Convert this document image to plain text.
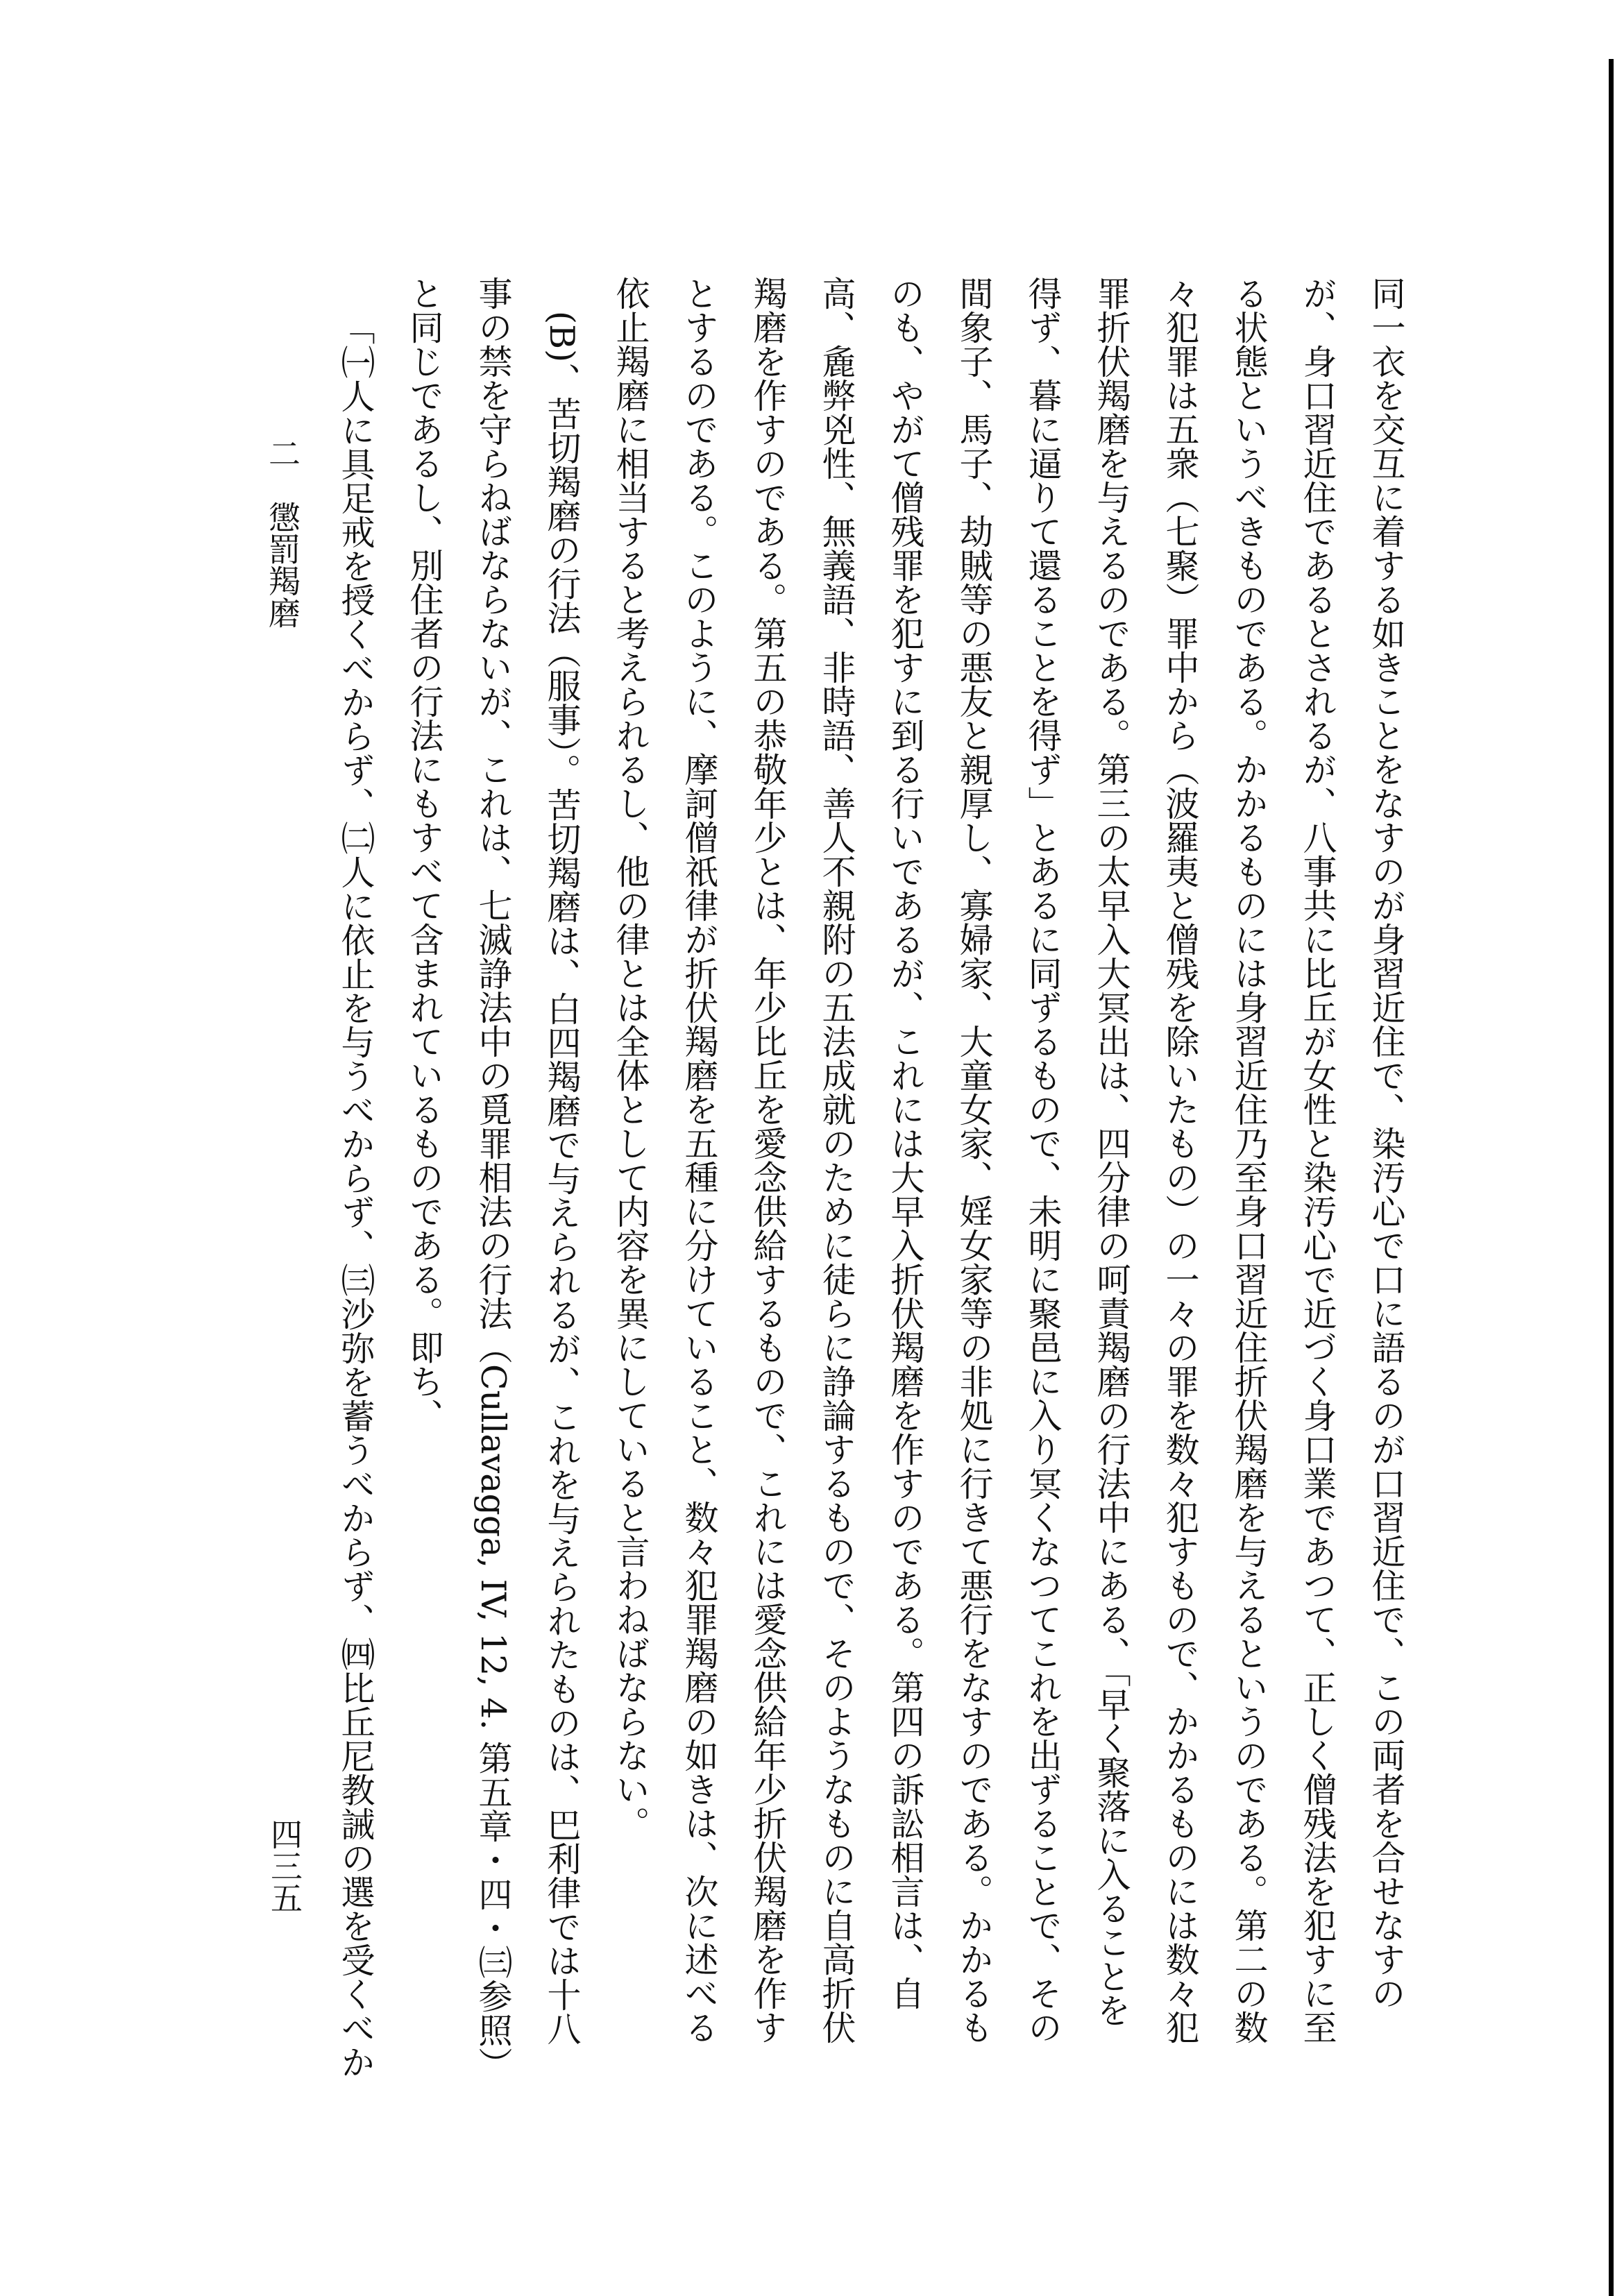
同一衣を交互に着する如きことをなすのが身習近住で、染汚心で口に語るのが口習近住で、この両者を合せなすの
が、身口習近住であるとされるが、八事共に比丘が女性と染汚心で近づく身口業であつて、正しく僧残法を犯すに至
る状態というべきものである。かかるものには身習近住乃至身口習近住折伏羯磨を与えるというのである。第二の数
々犯罪は五衆（七聚）罪中から（波羅夷と僧残を除いたもの）の一々の罪を数々犯すもので、かかるものには数々犯
罪折伏羯磨を与えるのである。第三の太早入大冥出は、四分律の呵責羯磨の行法中にある、「早く聚落に入ることを
得ず、暮に逼りて還ることを得ず」とあるに同ずるもので、未明に聚邑に入り冥くなつてこれを出ずることで、その
間象子、馬子、劫賊等の悪友と親厚し、寡婦家、大童女家、婬女家等の非処に行きて悪行をなすのである。かかるも
のも、やがて僧残罪を犯すに到る行いであるが、これには大早入折伏羯磨を作すのである。第四の訴訟相言は、自
高、麁弊兇性、無義語、非時語、善人不親附の五法成就のために徒らに諍論するもので、そのようなものに自高折伏
羯磨を作すのである。第五の恭敬年少とは、年少比丘を愛念供給するもので、これには愛念供給年少折伏羯磨を作す
とするのである。このように、摩訶僧祇律が折伏羯磨を五種に分けていること、数々犯罪羯磨の如きは、次に述べる
依止羯磨に相当すると考えられるし、他の律とは全体として内容を異にしていると言わねばならない。
(B)、苦切羯磨の行法（服事）。苦切羯磨は、白四羯磨で与えられるが、これを与えられたものは、巴利律では十八
事の禁を守らねばならないが、これは、七滅諍法中の覓罪相法の行法（Cullavagga, IV, 12, 4. 第五章・四・㈢参照）
と同じであるし、別住者の行法にもすべて含まれているものである。即ち、
「㈠人に具足戒を授くべからず、㈡人に依止を与うべからず、㈢沙弥を蓄うべからず、㈣比丘尼教誡の選を受くべか
二　懲罰羯磨
四三五
